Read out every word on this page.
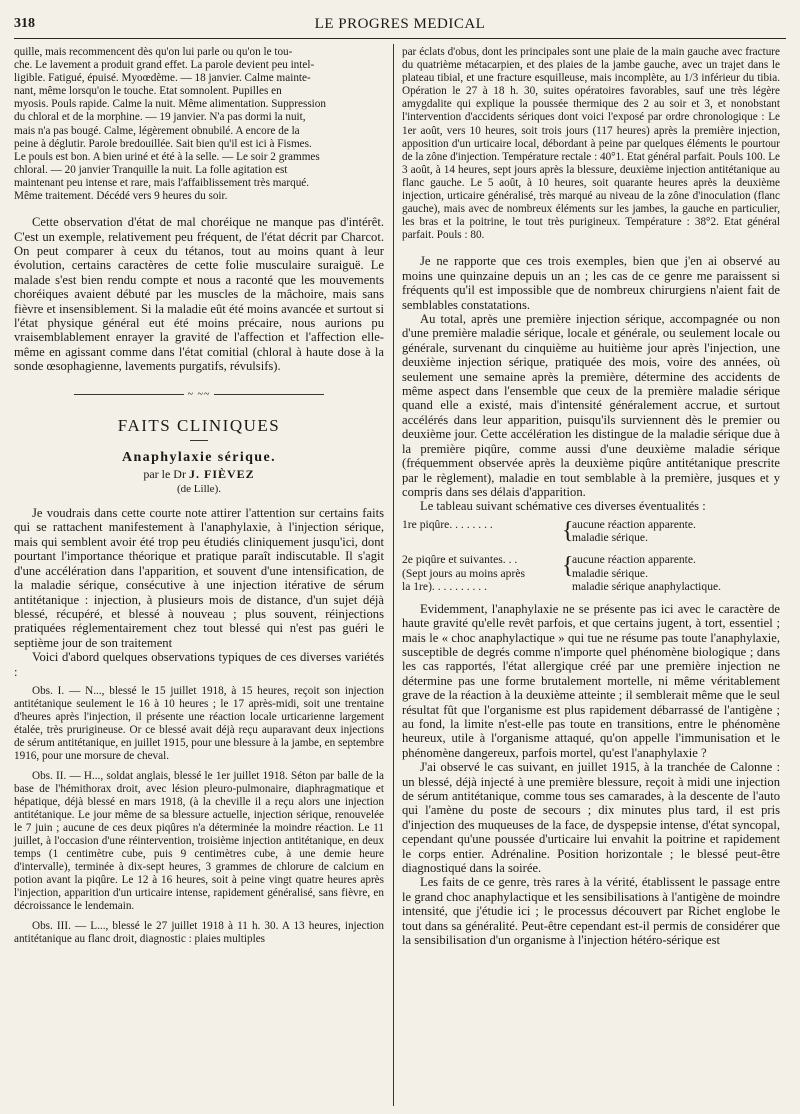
318	LE PROGRES MEDICAL

quille, mais recommencent dès qu'on lui parle ou qu'on le tou-

che. Le lavement a produit grand effet. La parole devient peu intel-

ligible. Fatigué, épuisé. Myoœdème. — 18 janvier. Calme mainte-

nant, même lorsqu'on le touche. Etat somnolent. Pupilles en

myosis. Pouls rapide. Calme la nuit. Même alimentation. Suppression

du chloral et de la morphine. — 19 janvier. N'a pas dormi la nuit,

mais n'a pas bougé. Calme, légèrement obnubilé. A encore de la

peine à déglutir. Parole bredouillée. Sait bien qu'il est ici à Fismes.

Le pouls est bon. A bien uriné et été à la selle. — Le soir 2 grammes

chloral. — 20 janvier Tranquille la nuit. La folle agitation est

maintenant peu intense et rare, mais l'affaiblissement très marqué.

Même traitement. Décédé vers 9 heures du soir.

Cette observation d'état de mal choréique ne manque pas d'intérêt. C'est un exemple, relativement peu fréquent, de l'état décrit par Charcot. On peut comparer à ceux du tétanos, tout au moins quant à leur évolution, certains caractères de cette folie musculaire suraiguë. Le malade s'est bien rendu compte et nous a raconté que les mouvements choréiques avaient débuté par les muscles de la mâchoire, mais sans fièvre et insensiblement. Si la maladie eût été moins avancée et surtout si l'état physique général eut été moins précaire, nous aurions pu vraisemblablement enrayer la gravité de l'affection et l'affection elle-même en agissant comme dans l'état comitial (chloral à haute dose à la sonde œsophagienne, lavements purgatifs, révulsifs).

~ ~~
FAITS CLINIQUES
Anaphylaxie sérique.
par le Dr J. FIÈVEZ
(de Lille).

Je voudrais dans cette courte note attirer l'attention sur certains faits qui se rattachent manifestement à l'anaphylaxie, à l'injection sérique, mais qui semblent avoir été trop peu étudiés cliniquement jusqu'ici, dont pourtant l'importance théorique et pratique paraît indiscutable. Il s'agit d'une accélération dans l'apparition, et souvent d'une intensification, de la maladie sérique, consécutive à une injection itérative de sérum antitétanique : injection, à plusieurs mois de distance, d'un sujet déjà blessé, récupéré, et blessé à nouveau ; plus souvent, réinjections pratiquées réglementairement chez tout blessé qui n'est pas guéri le septième jour de son traitement

Voici d'abord quelques observations typiques de ces diverses variétés :

Obs. I. — N..., blessé le 15 juillet 1918, à 15 heures, reçoit son injection antitétanique seulement le 16 à 10 heures ; le 17 après-midi, soit une trentaine d'heures après l'injection, il présente une réaction locale urticarienne largement étalée, très prurigineuse. Or ce blessé avait déjà reçu auparavant deux injections de sérum antitétanique, en juillet 1915, pour une blessure à la jambe, en septembre 1916, pour une morsure de cheval.

Obs. II. — H..., soldat anglais, blessé le 1er juillet 1918. Séton par balle de la base de l'hémithorax droit, avec lésion pleuro-pulmonaire, diaphragmatique et hépatique, déjà blessé en mars 1918, (à la cheville il a reçu alors une injection antitétanique. Le jour même de sa blessure actuelle, injection sérique, renouvelée le 7 juin ; aucune de ces deux piqûres n'a déterminée la moindre réaction. Le 11 juillet, à l'occasion d'une réintervention, troisième injection antitétanique, en deux temps (1 centimètre cube, puis 9 centimètres cube, à une demie heure d'intervalle), terminée à dix-sept heures, 3 grammes de chlorure de calcium en potion avant la piqûre. Le 12 à 16 heures, soit à peine vingt quatre heures après l'injection, apparition d'un urticaire intense, rapidement généralisé, sans fièvre, en décroissance le lendemain.

Obs. III. — L..., blessé le 27 juillet 1918 à 11 h. 30. A 13 heures, injection antitétanique au flanc droit, diagnostic : plaies multiples

par éclats d'obus, dont les principales sont une plaie de la main gauche avec fracture du quatrième métacarpien, et des plaies de la jambe gauche, avec un trajet dans le plateau tibial, et une fracture esquilleuse, mais incomplète, au 1/3 inférieur du tibia. Opération le 27 à 18 h. 30, suites opératoires favorables, sauf une très légère amygdalite qui explique la poussée thermique des 2 au soir et 3, et nonobstant l'intervention d'accidents sériques dont voici l'exposé par ordre chronologique : Le 1er août, vers 10 heures, soit trois jours (117 heures) après la première injection, apposition d'un urticaire local, débordant à peine par quelques éléments le pourtour de la zône d'injection. Température rectale : 40°1. Etat général parfait. Pouls 100. Le 3 août, à 14 heures, sept jours après la blessure, deuxième injection antitétanique au flanc gauche. Le 5 août, à 10 heures, soit quarante heures après la deuxième injection, urticaire généralisé, très marqué au niveau de la zône d'inoculation (flanc gauche), mais avec de nombreux éléments sur les jambes, la gauche en particulier, les bras et la poitrine, le tout très purigineux. Température : 38°2. Etat général parfait. Pouls : 80.

Je ne rapporte que ces trois exemples, bien que j'en ai observé au moins une quinzaine depuis un an ; les cas de ce genre me paraissent si fréquents qu'il est impossible que de nombreux chirurgiens n'aient fait de semblables constatations.

Au total, après une première injection sérique, accompagnée ou non d'une première maladie sérique, locale et générale, ou seulement locale ou générale, survenant du cinquième au huitième jour après l'injection, une deuxième injection sérique, pratiquée des mois, voire des années, où seulement une semaine après la première, détermine des accidents de même aspect dans l'ensemble que ceux de la première maladie sérique quand elle a existé, mais d'intensité généralement accrue, et surtout accélérés dans leur apparition, puisqu'ils surviennent dès le premier ou deuxième jour. Cette accélération les distingue de la maladie sérique due à la première piqûre, comme aussi d'une deuxième maladie sérique (fréquemment observée après la deuxième piqûre antitétanique prescrite par le règlement), maladie en tout semblable à la première, jusques et y compris dans ses délais d'apparition.

Le tableau suivant schémative ces diverses éventualités :

1re piqûre. . . . . . . .	{
aucune réaction apparente.
maladie sérique.
2e piqûre et suivantes. . .
(Sept jours au moins après
la 1re). . . . . . . . . .
{
aucune réaction apparente.
maladie sérique.
maladie sérique anaphylactique.

Evidemment, l'anaphylaxie ne se présente pas ici avec le caractère de haute gravité qu'elle revêt parfois, et que certains jugent, à tort, essentiel ; mais le « choc anaphylactique » qui tue ne résume pas toute l'anaphylaxie, susceptible de degrés comme n'importe quel phénomène biologique ; dans les cas rapportés, l'état allergique créé par une première injection ne détermine pas une forme brutalement mortelle, ni même véritablement grave de la réaction à la deuxième atteinte ; il semblerait même que le seul résultat fût que l'organisme est plus rapidement débarrassé de l'antigène ; au fond, la limite n'est-elle pas toute en transitions, entre le phénomène heureux, utile à l'organisme attaqué, qu'on appelle l'immunisation et le phénomène dangereux, parfois mortel, qu'est l'anaphylaxie ?

J'ai observé le cas suivant, en juillet 1915, à la tranchée de Calonne : un blessé, déjà injecté à une première blessure, reçoit à midi une injection de sérum antitétanique, comme tous ses camarades, à la descente de l'auto qui l'amène du poste de secours ; dix minutes plus tard, il est pris d'injection des muqueuses de la face, de dyspepsie intense, d'état syncopal, cependant qu'une poussée d'urticaire lui envahit la poitrine et rapidement le corps entier. Adrénaline. Position horizontale ; le blessé peut-être diagnostiqué dans la soirée.

Les faits de ce genre, très rares à la vérité, établissent le passage entre le grand choc anaphylactique et les sensibilisations à l'antigène de moindre intensité, que j'étudie ici ; le processus découvert par Richet englobe le tout dans sa généralité. Peut-être cependant est-il permis de considérer que la sensibilisation d'un organisme à l'injection hétéro-sérique est
